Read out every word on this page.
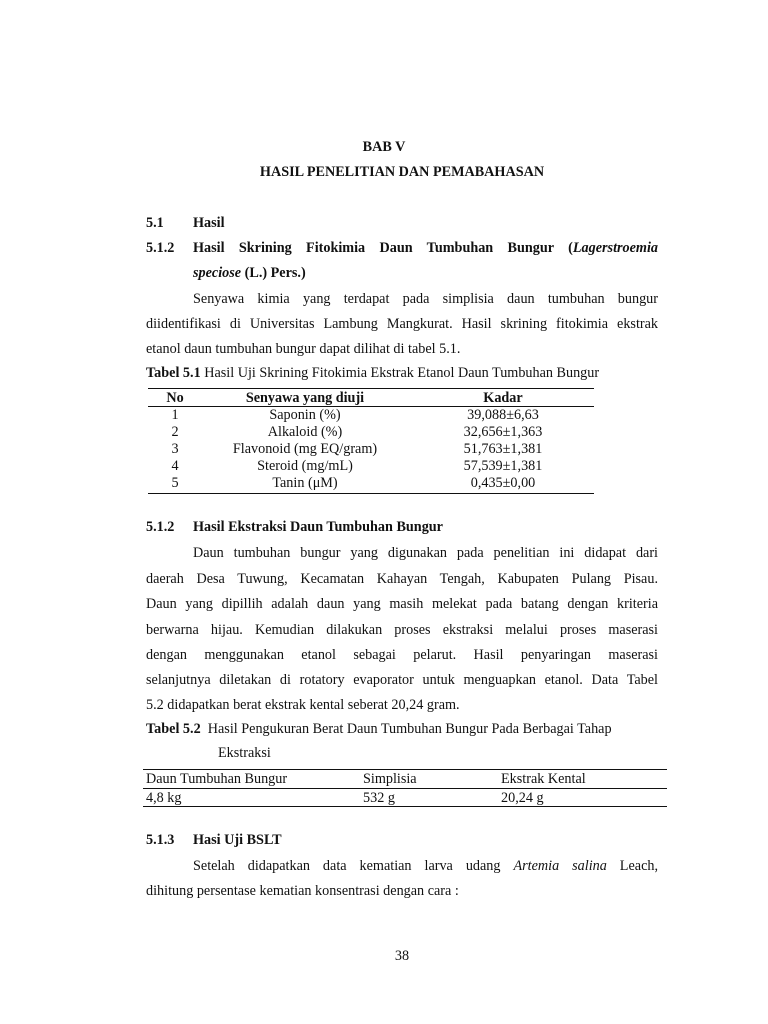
BAB V
HASIL PENELITIAN DAN PEMABAHASAN
5.1 Hasil
5.1.2 Hasil Skrining Fitokimia Daun Tumbuhan Bungur (Lagerstroemia
speciose (L.) Pers.)
Senyawa kimia yang terdapat pada simplisia daun tumbuhan bungur
diidentifikasi di Universitas Lambung Mangkurat. Hasil skrining fitokimia ekstrak
etanol daun tumbuhan bungur dapat dilihat di tabel 5.1.
Tabel 5.1 Hasil Uji Skrining Fitokimia Ekstrak Etanol Daun Tumbuhan Bungur
No	Senyawa yang diuji	Kadar
1	Saponin (%)	39,088±6,63
2	Alkaloid (%)	32,656±1,363
3	Flavonoid (mg EQ/gram)	51,763±1,381
4	Steroid (mg/mL)	57,539±1,381
5	Tanin (μM)	0,435±0,00
5.1.2 Hasil Ekstraksi Daun Tumbuhan Bungur
Daun tumbuhan bungur yang digunakan pada penelitian ini didapat dari
daerah Desa Tuwung, Kecamatan Kahayan Tengah, Kabupaten Pulang Pisau.
Daun yang dipillih adalah daun yang masih melekat pada batang dengan kriteria
berwarna hijau. Kemudian dilakukan proses ekstraksi melalui proses maserasi
dengan menggunakan etanol sebagai pelarut. Hasil penyaringan maserasi
selanjutnya diletakan di rotatory evaporator untuk menguapkan etanol. Data Tabel
5.2 didapatkan berat ekstrak kental seberat 20,24 gram.
Tabel 5.2  Hasil Pengukuran Berat Daun Tumbuhan Bungur Pada Berbagai Tahap
Ekstraksi
Daun Tumbuhan Bungur	Simplisia	Ekstrak Kental
4,8 kg	532 g	20,24 g
5.1.3 Hasi Uji BSLT
Setelah didapatkan data kematian larva udang Artemia salina Leach,
dihitung persentase kematian konsentrasi dengan cara :
38
